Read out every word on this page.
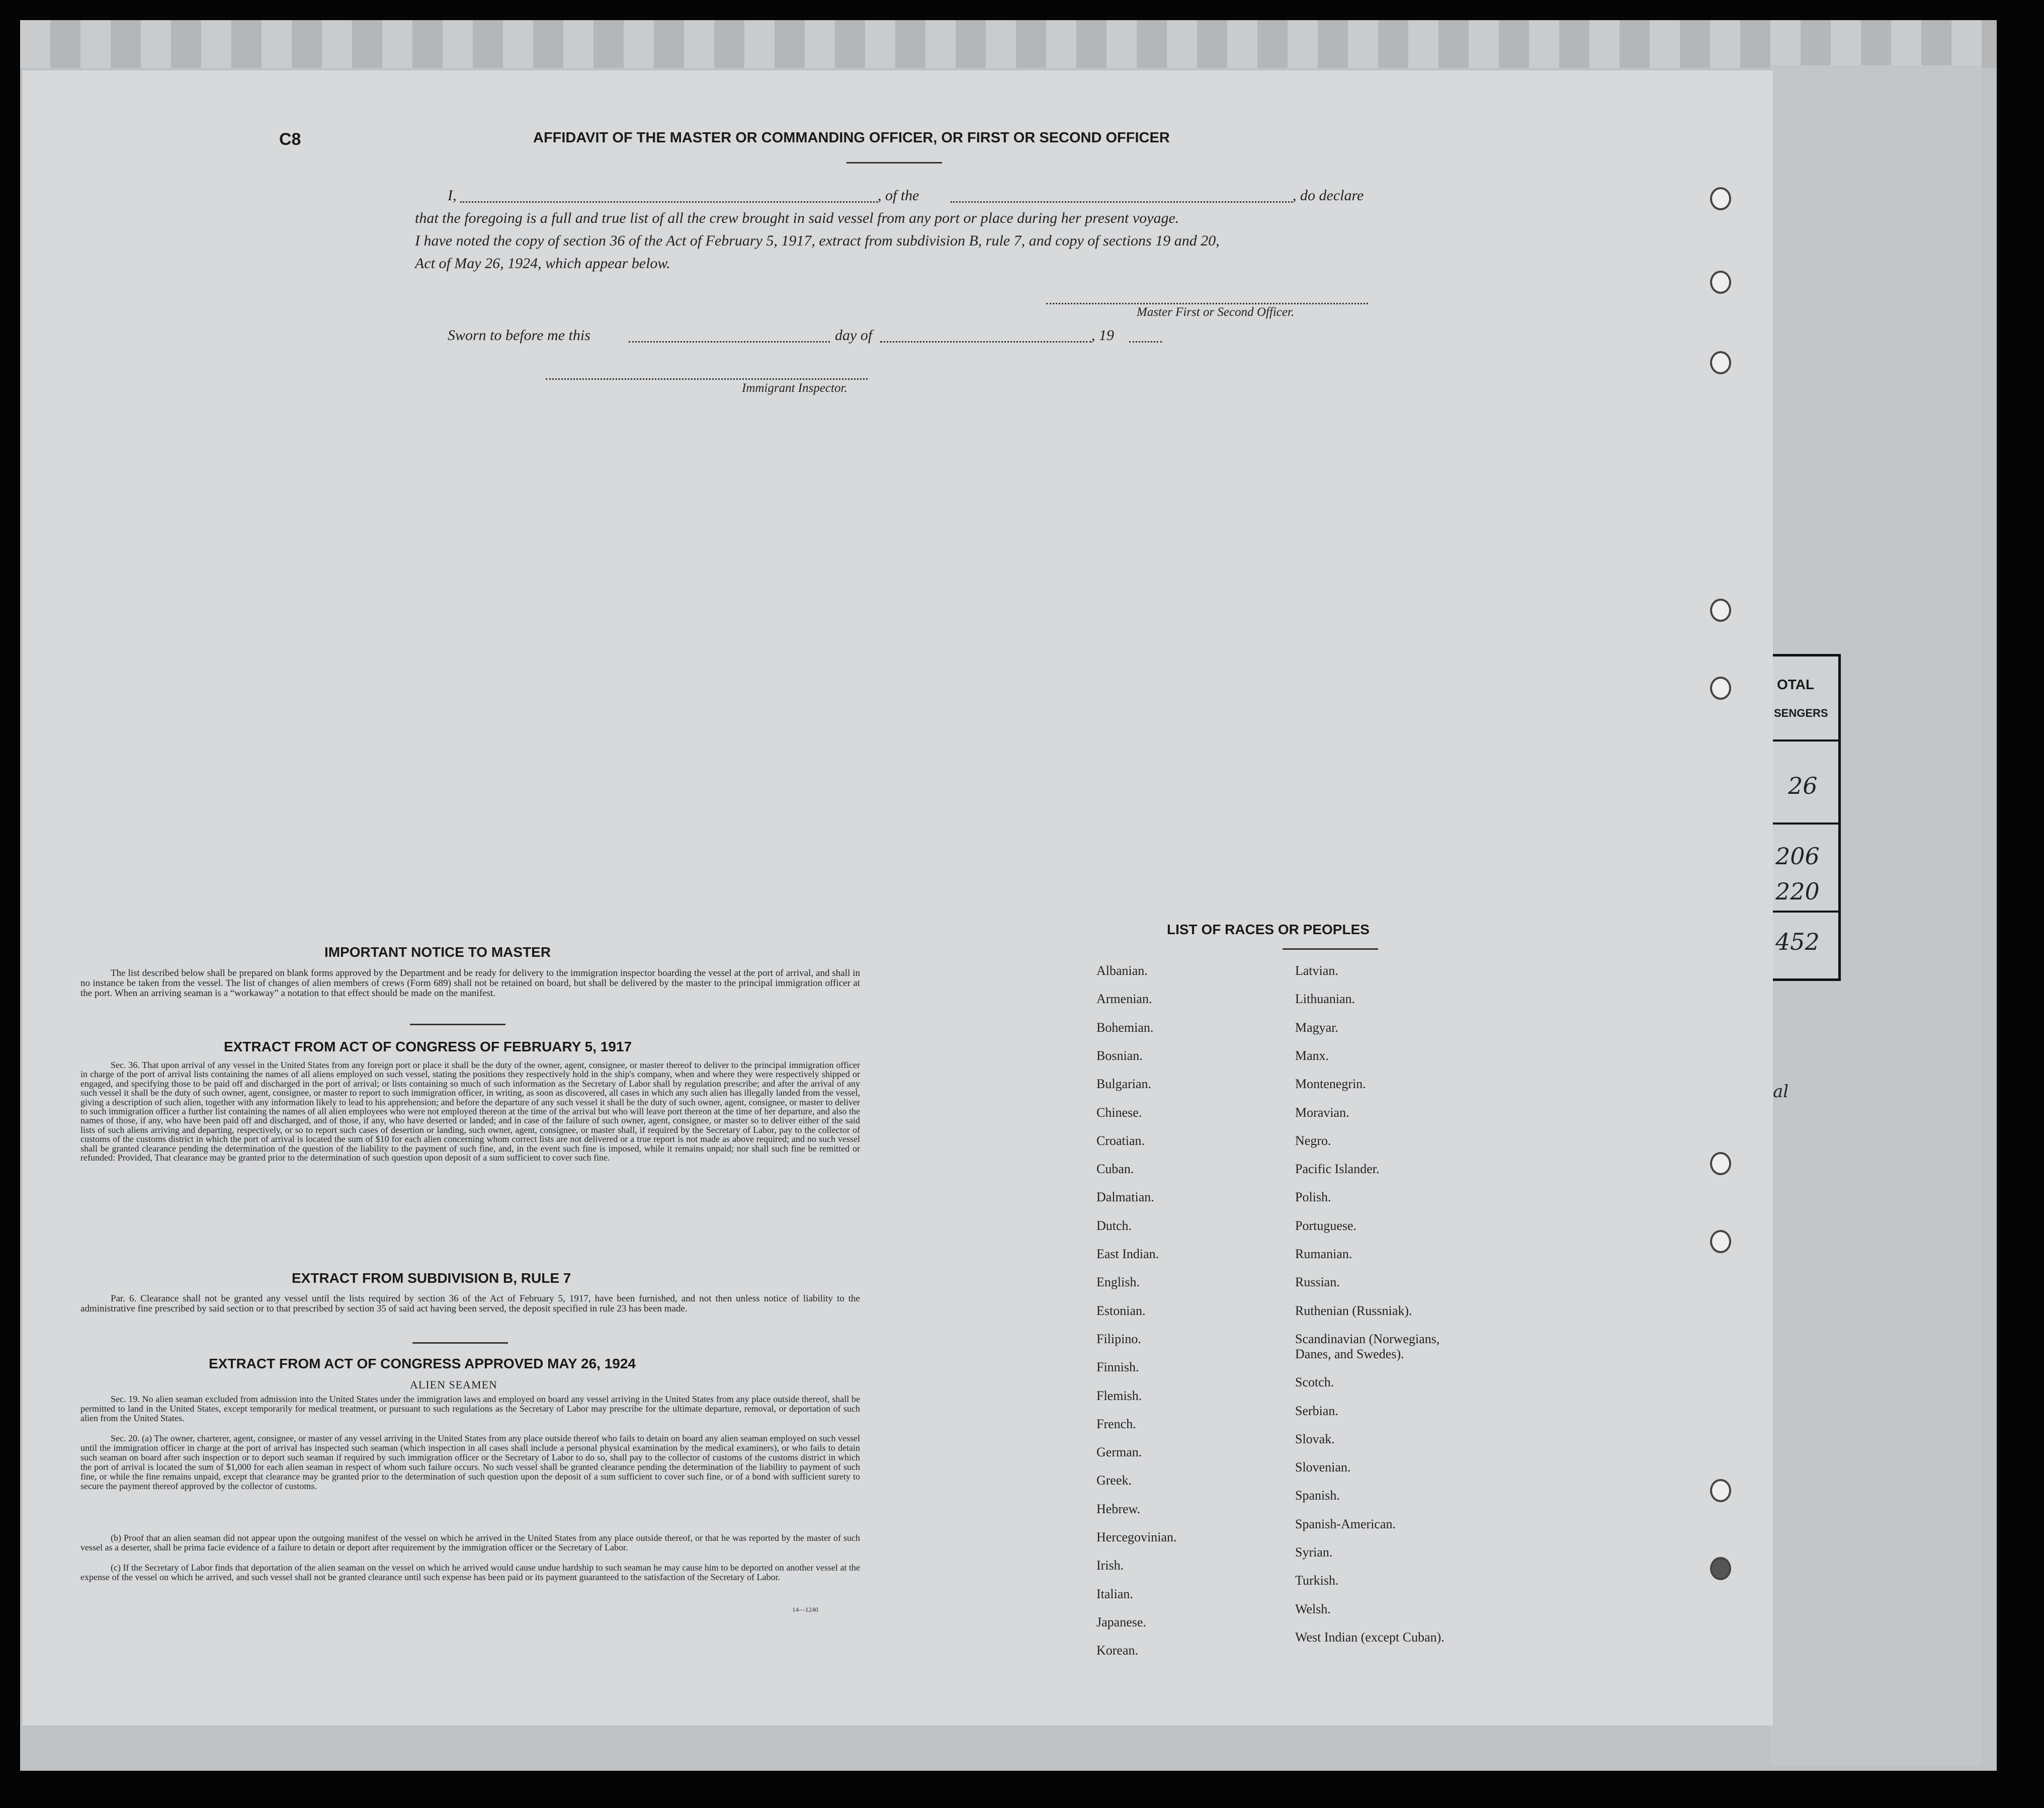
OTAL
SENGERS
26
206
220
452
al
C8	AFFIDAVIT OF THE MASTER OR COMMANDING OFFICER, OR FIRST OR SECOND OFFICER
I,	, of the	, do declare
that the foregoing is a full and true list of all the crew brought in said vessel from any port or place during her present voyage.
I have noted the copy of section 36 of the Act of February 5, 1917, extract from subdivision B, rule 7, and copy of sections 19 and 20,
Act of May 26, 1924, which appear below.
Master First or Second Officer.
Sworn to before me this	day of	, 19
Immigrant Inspector.
IMPORTANT NOTICE TO MASTER
The list described below shall be prepared on blank forms approved by the Department and be ready for delivery to the immigration inspector boarding the vessel at the port of arrival, and shall in no instance be taken from the vessel. The list of changes of alien members of crews (Form 689) shall not be retained on board, but shall be delivered by the master to the principal immigration officer at the port. When an arriving seaman is a “workaway” a notation to that effect should be made on the manifest.
EXTRACT FROM ACT OF CONGRESS OF FEBRUARY 5, 1917
Sec. 36. That upon arrival of any vessel in the United States from any foreign port or place it shall be the duty of the owner, agent, consignee, or master thereof to deliver to the principal immigration officer in charge of the port of arrival lists containing the names of all aliens employed on such vessel, stating the positions they respectively hold in the ship's company, when and where they were respectively shipped or engaged, and specifying those to be paid off and discharged in the port of arrival; or lists containing so much of such information as the Secretary of Labor shall by regulation prescribe; and after the arrival of any such vessel it shall be the duty of such owner, agent, consignee, or master to report to such immigration officer, in writing, as soon as discovered, all cases in which any such alien has illegally landed from the vessel, giving a description of such alien, together with any information likely to lead to his apprehension; and before the departure of any such vessel it shall be the duty of such owner, agent, consignee, or master to deliver to such immigration officer a further list containing the names of all alien employees who were not employed thereon at the time of the arrival but who will leave port thereon at the time of her departure, and also the names of those, if any, who have been paid off and discharged, and of those, if any, who have deserted or landed; and in case of the failure of such owner, agent, consignee, or master so to deliver either of the said lists of such aliens arriving and departing, respectively, or so to report such cases of desertion or landing, such owner, agent, consignee, or master shall, if required by the Secretary of Labor, pay to the collector of customs of the customs district in which the port of arrival is located the sum of $10 for each alien concerning whom correct lists are not delivered or a true report is not made as above required; and no such vessel shall be granted clearance pending the determination of the question of the liability to the payment of such fine, and, in the event such fine is imposed, while it remains unpaid; nor shall such fine be remitted or refunded: Provided, That clearance may be granted prior to the determination of such question upon deposit of a sum sufficient to cover such fine.
EXTRACT FROM SUBDIVISION B, RULE 7
Par. 6. Clearance shall not be granted any vessel until the lists required by section 36 of the Act of February 5, 1917, have been furnished, and not then unless notice of liability to the administrative fine prescribed by said section or to that prescribed by section 35 of said act having been served, the deposit specified in rule 23 has been made.
EXTRACT FROM ACT OF CONGRESS APPROVED MAY 26, 1924
ALIEN SEAMEN
Sec. 19. No alien seaman excluded from admission into the United States under the immigration laws and employed on board any vessel arriving in the United States from any place outside thereof, shall be permitted to land in the United States, except temporarily for medical treatment, or pursuant to such regulations as the Secretary of Labor may prescribe for the ultimate departure, removal, or deportation of such alien from the United States.
Sec. 20. (a) The owner, charterer, agent, consignee, or master of any vessel arriving in the United States from any place outside thereof who fails to detain on board any alien seaman employed on such vessel until the immigration officer in charge at the port of arrival has inspected such seaman (which inspection in all cases shall include a personal physical examination by the medical examiners), or who fails to detain such seaman on board after such inspection or to deport such seaman if required by such immigration officer or the Secretary of Labor to do so, shall pay to the collector of customs of the customs district in which the port of arrival is located the sum of $1,000 for each alien seaman in respect of whom such failure occurs. No such vessel shall be granted clearance pending the determination of the liability to payment of such fine, or while the fine remains unpaid, except that clearance may be granted prior to the determination of such question upon the deposit of a sum sufficient to cover such fine, or of a bond with sufficient surety to secure the payment thereof approved by the collector of customs.
(b) Proof that an alien seaman did not appear upon the outgoing manifest of the vessel on which he arrived in the United States from any place outside thereof, or that he was reported by the master of such vessel as a deserter, shall be prima facie evidence of a failure to detain or deport after requirement by the immigration officer or the Secretary of Labor.
(c) If the Secretary of Labor finds that deportation of the alien seaman on the vessel on which he arrived would cause undue hardship to such seaman he may cause him to be deported on another vessel at the expense of the vessel on which he arrived, and such vessel shall not be granted clearance until such expense has been paid or its payment guaranteed to the satisfaction of the Secretary of Labor.
14—1240
LIST OF RACES OR PEOPLES
Albanian.
Armenian.
Bohemian.
Bosnian.
Bulgarian.
Chinese.
Croatian.
Cuban.
Dalmatian.
Dutch.
East Indian.
English.
Estonian.
Filipino.
Finnish.
Flemish.
French.
German.
Greek.
Hebrew.
Hercegovinian.
Irish.
Italian.
Japanese.
Korean.
Latvian.
Lithuanian.
Magyar.
Manx.
Montenegrin.
Moravian.
Negro.
Pacific Islander.
Polish.
Portuguese.
Rumanian.
Russian.
Ruthenian (Russniak).
Scandinavian (Norwegians,
Danes, and Swedes).
Scotch.
Serbian.
Slovak.
Slovenian.
Spanish.
Spanish-American.
Syrian.
Turkish.
Welsh.
West Indian (except Cuban).
